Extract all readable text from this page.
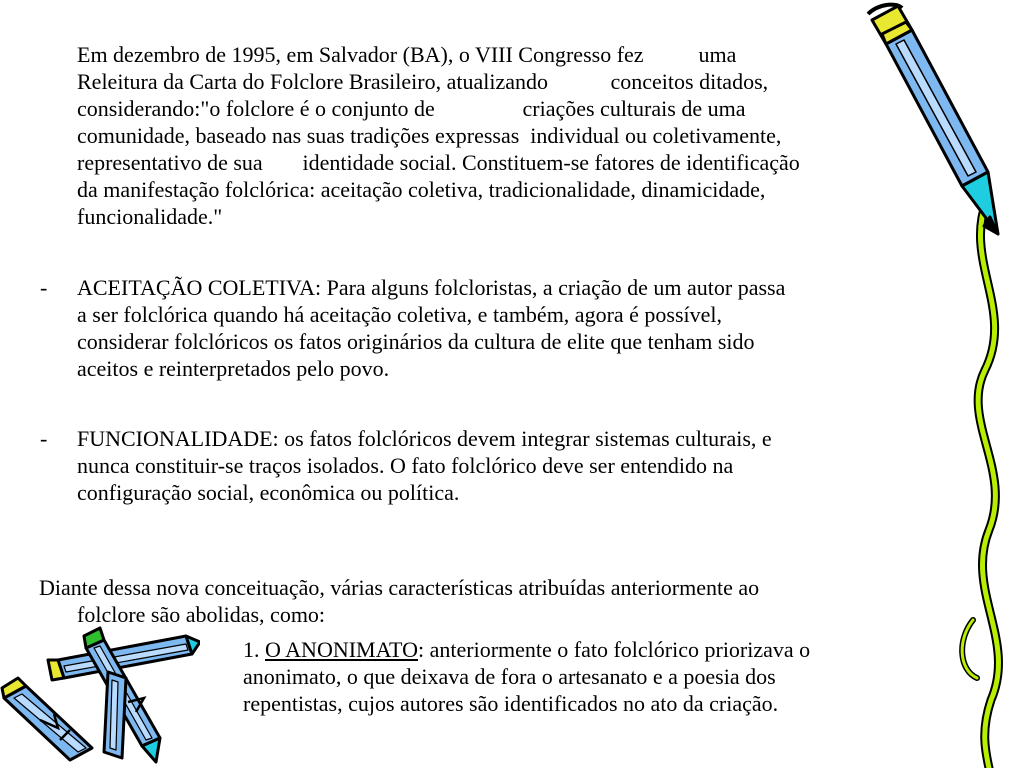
Em dezembro de 1995, em Salvador (BA), o VIII Congresso fez	uma
Releitura da Carta do Folclore Brasileiro, atualizando		conceitos ditados,
considerando:"o folclore é o conjunto de		criações culturais de uma
comunidade, baseado nas suas tradições expressas  individual ou coletivamente,
representativo de sua	identidade social. Constituem-se fatores de identificação
da manifestação folclórica: aceitação coletiva, tradicionalidade, dinamicidade,
funcionalidade."
- ACEITAÇÃO COLETIVA: Para alguns folcloristas, a criação de um autor passa
a ser folclórica quando há aceitação coletiva, e também, agora é possível,
considerar folclóricos os fatos originários da cultura de elite que tenham sido
aceitos e reinterpretados pelo povo.
- FUNCIONALIDADE: os fatos folclóricos devem integrar sistemas culturais, e
nunca constituir-se traços isolados. O fato folclórico deve ser entendido na
configuração social, econômica ou política.
Diante dessa nova conceituação, várias características atribuídas anteriormente ao
folclore são abolidas, como:
1. O ANONIMATO: anteriormente o fato folclórico priorizava o
anonimato, o que deixava de fora o artesanato e a poesia dos
repentistas, cujos autores são identificados no ato da criação.
